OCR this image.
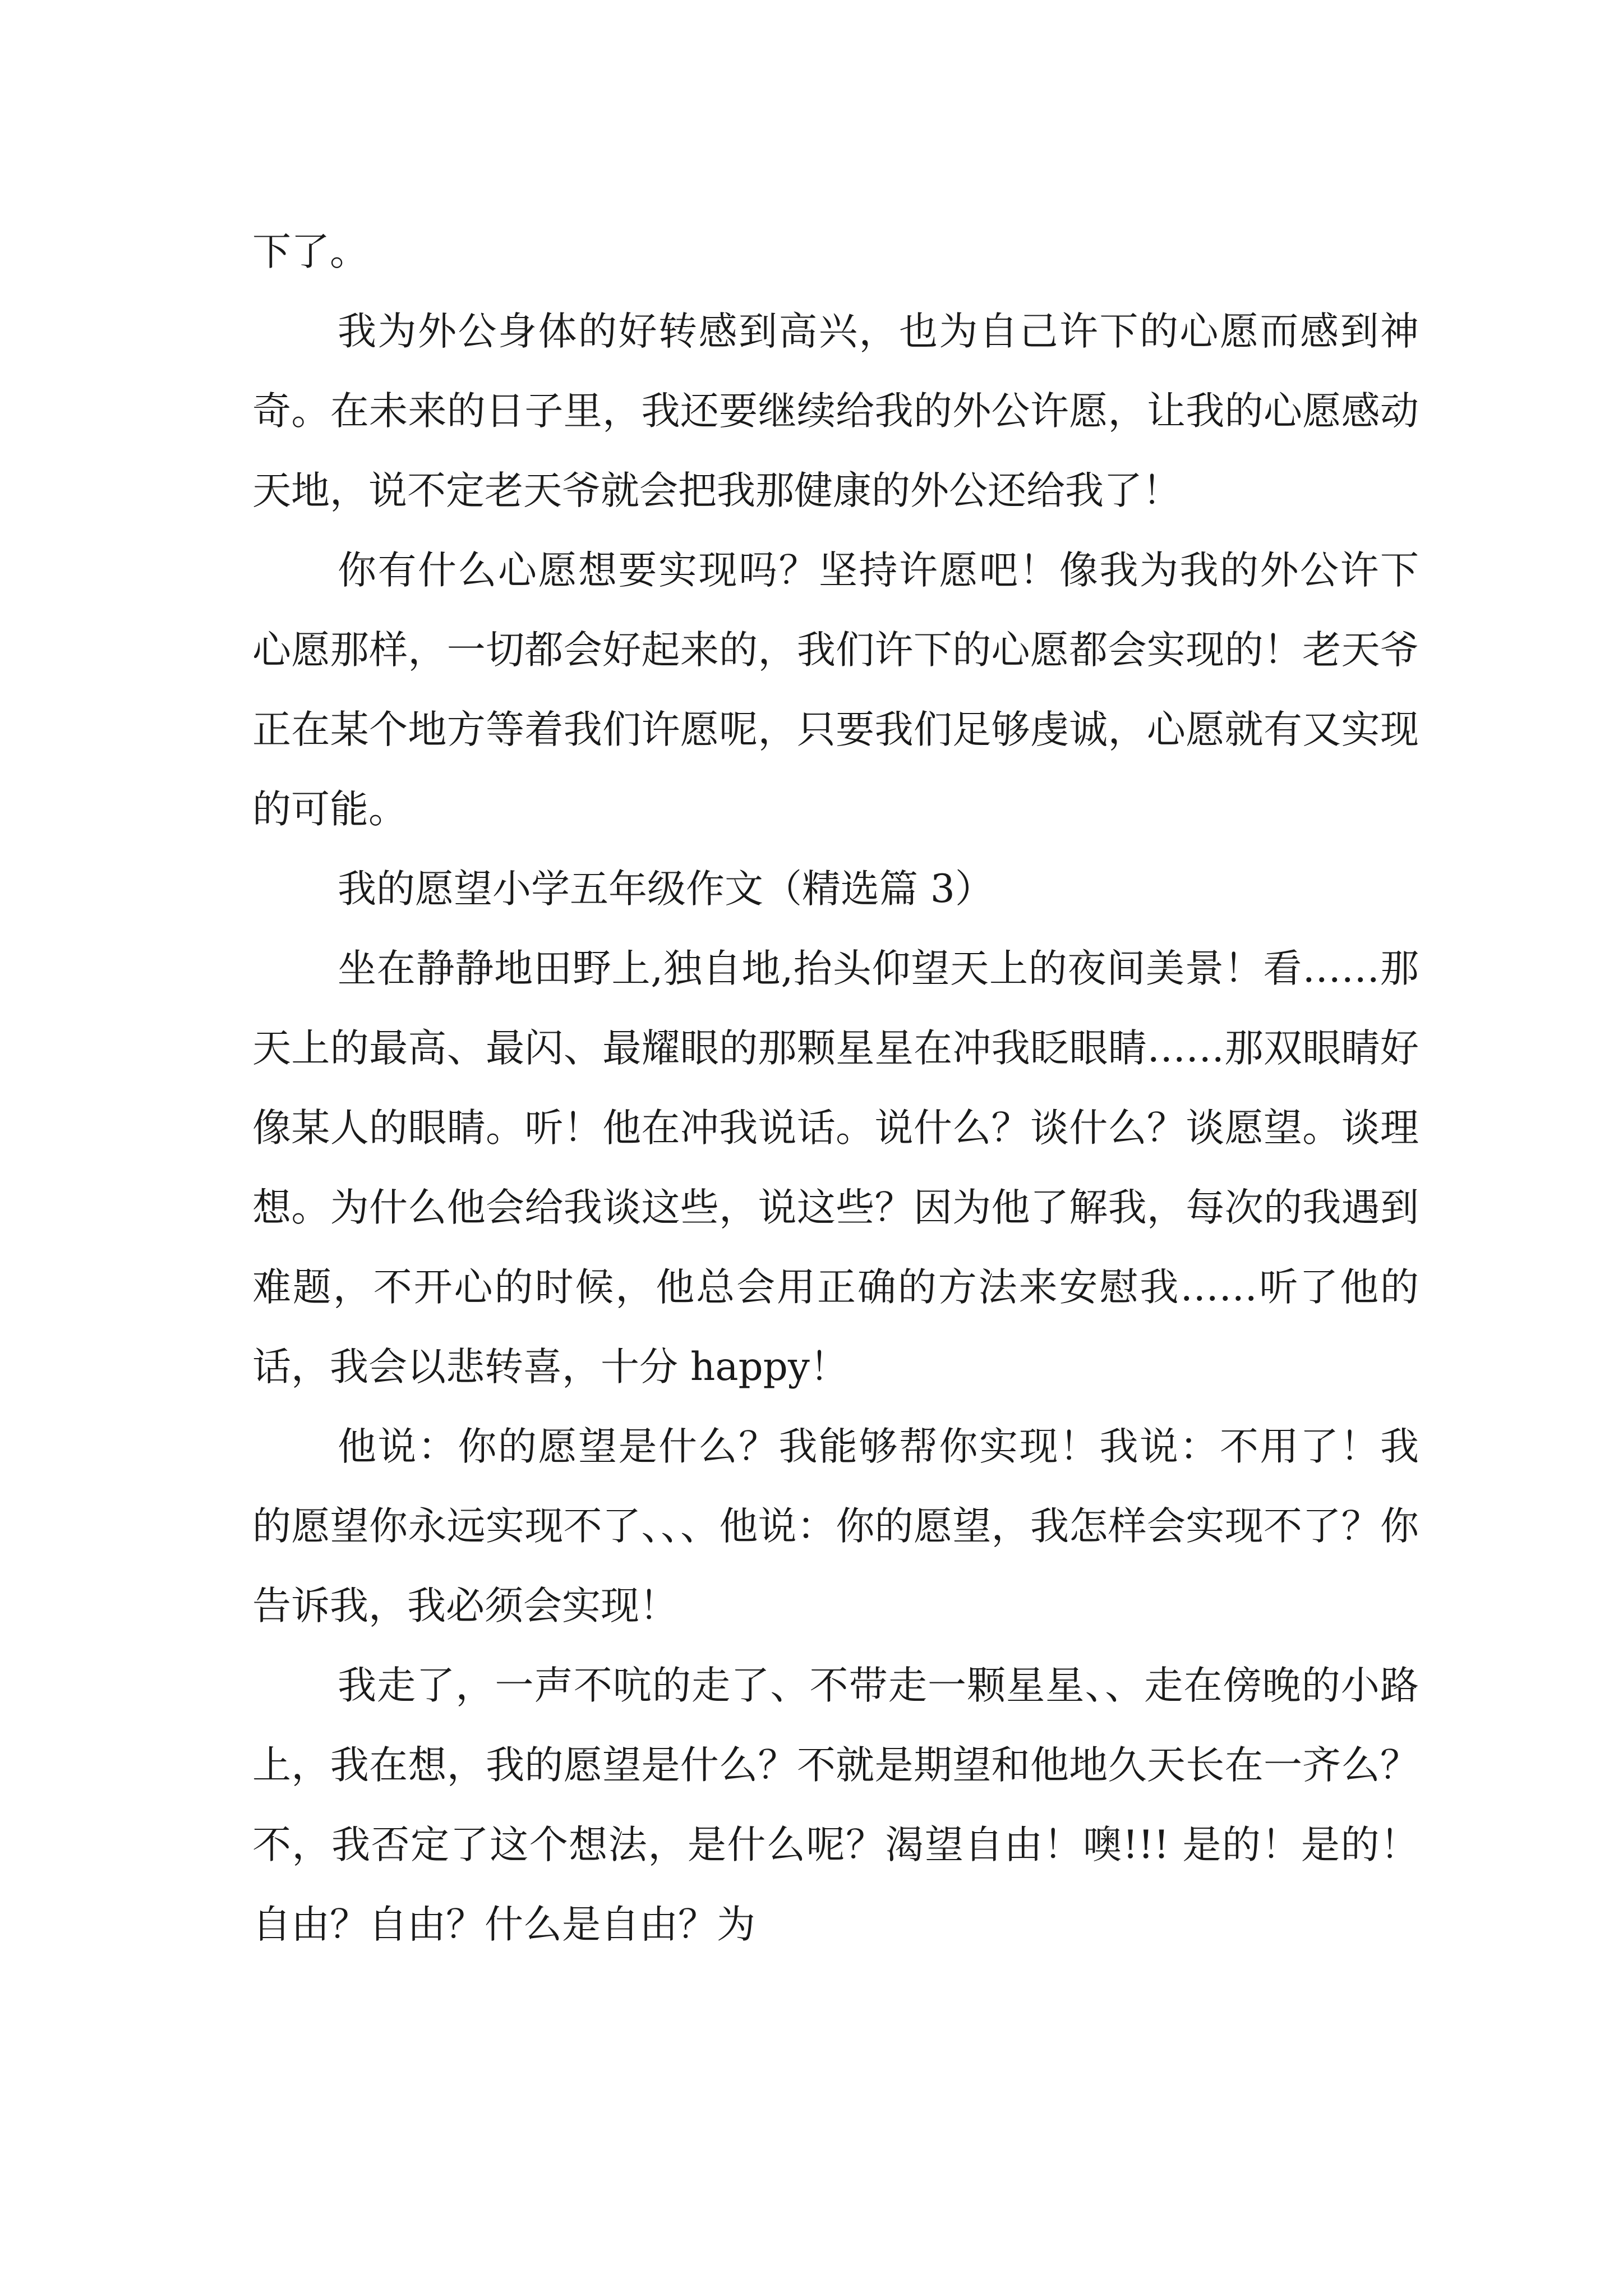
下了。

我为外公身体的好转感到高兴，也为自己许下的心愿而感到神奇。在未来的日子里，我还要继续给我的外公许愿，让我的心愿感动天地，说不定老天爷就会把我那健康的外公还给我了！

你有什么心愿想要实现吗？坚持许愿吧！像我为我的外公许下心愿那样，一切都会好起来的，我们许下的心愿都会实现的！老天爷正在某个地方等着我们许愿呢，只要我们足够虔诚，心愿就有又实现的可能。

我的愿望小学五年级作文（精选篇 3）

坐在静静地田野上,独自地,抬头仰望天上的夜间美景！看……那天上的最高、最闪、最耀眼的那颗星星在冲我眨眼睛……那双眼睛好像某人的眼睛。听！他在冲我说话。说什么？谈什么？谈愿望。谈理想。为什么他会给我谈这些，说这些？因为他了解我，每次的我遇到难题，不开心的时候，他总会用正确的方法来安慰我……听了他的话，我会以悲转喜，十分 happy！

他说：你的愿望是什么？我能够帮你实现！我说：不用了！我的愿望你永远实现不了、、、他说：你的愿望，我怎样会实现不了？你告诉我，我必须会实现！

我走了，一声不吭的走了、不带走一颗星星、、走在傍晚的小路上，我在想，我的愿望是什么？不就是期望和他地久天长在一齐么？不，我否定了这个想法，是什么呢？渴望自由！噢!!! 是的！是的！自由？自由？什么是自由？为
